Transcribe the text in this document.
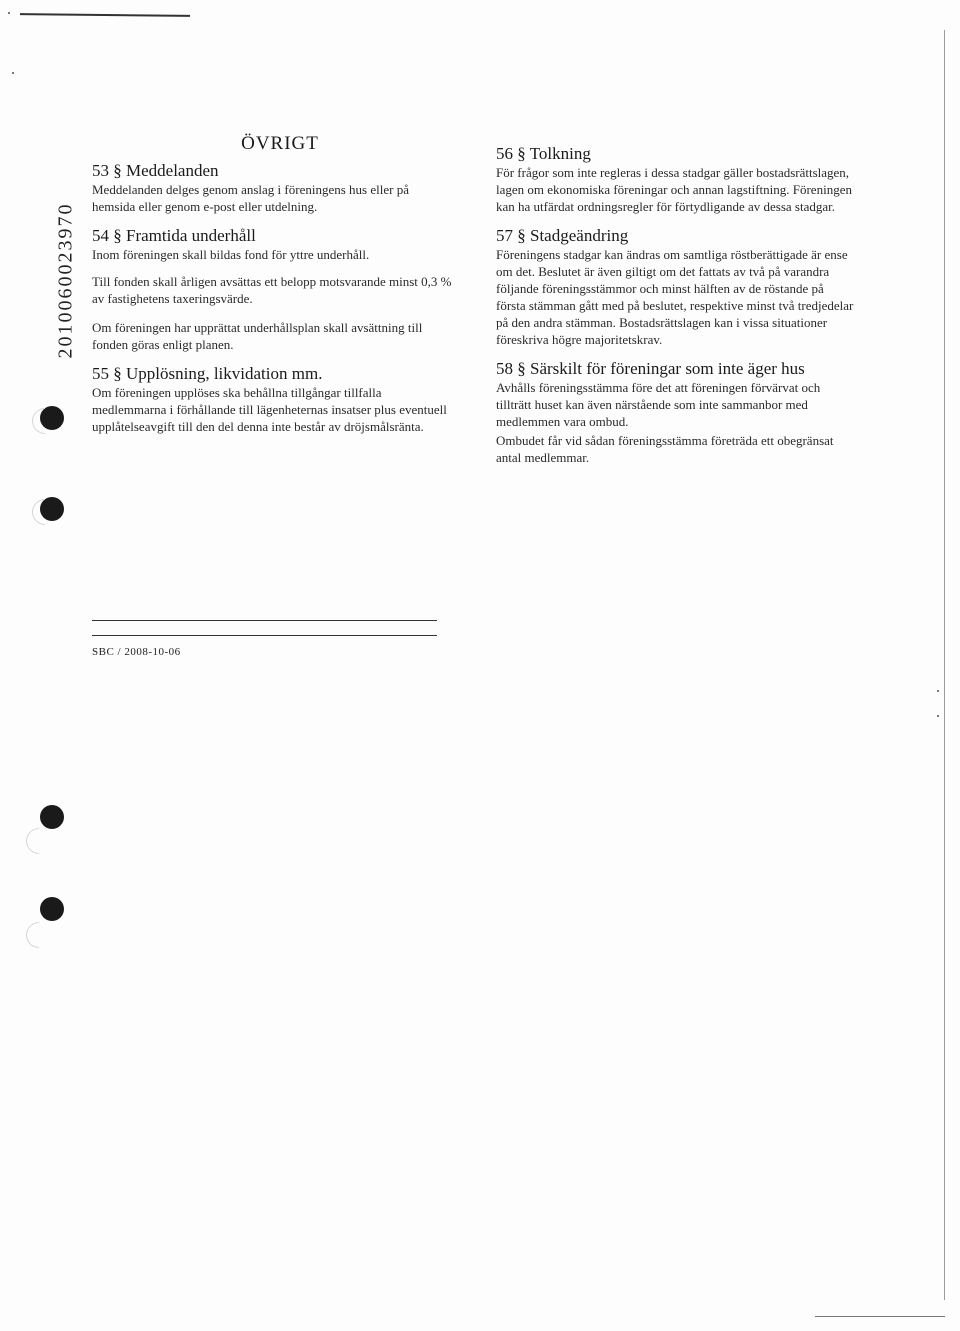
2010060023970
ÖVRIGT
53 § Meddelanden
Meddelanden delges genom anslag i föreningens hus eller på hemsida eller genom e-post eller utdelning.
54 § Framtida underhåll
Inom föreningen skall bildas fond för yttre underhåll.
Till fonden skall årligen avsättas ett belopp motsvarande minst 0,3 % av fastighetens taxeringsvärde.
Om föreningen har upprättat underhållsplan skall avsättning till fonden göras enligt planen.
55 § Upplösning, likvidation mm.
Om föreningen upplöses ska behållna tillgångar tillfalla medlemmarna i förhållande till lägenheternas insatser plus eventuell upplåtelseavgift till den del denna inte består av dröjsmålsränta.
56 § Tolkning
För frågor som inte regleras i dessa stadgar gäller bostadsrättslagen, lagen om ekonomiska föreningar och annan lagstiftning. Föreningen kan ha utfärdat ordningsregler för förtydligande av dessa stadgar.
57 § Stadgeändring
Föreningens stadgar kan ändras om samtliga röstberättigade är ense om det. Beslutet är även giltigt om det fattats av två på varandra följande föreningsstämmor och minst hälften av de röstande på första stämman gått med på beslutet, respektive minst två tredjedelar på den andra stämman. Bostadsrättslagen kan i vissa situationer föreskriva högre majoritetskrav.
58 § Särskilt för föreningar som inte äger hus
Avhålls föreningsstämma före det att föreningen förvärvat och tillträtt huset kan även närstående som inte sammanbor med medlemmen vara ombud.
Ombudet får vid sådan föreningsstämma företräda ett obegränsat antal medlemmar.
SBC / 2008-10-06
